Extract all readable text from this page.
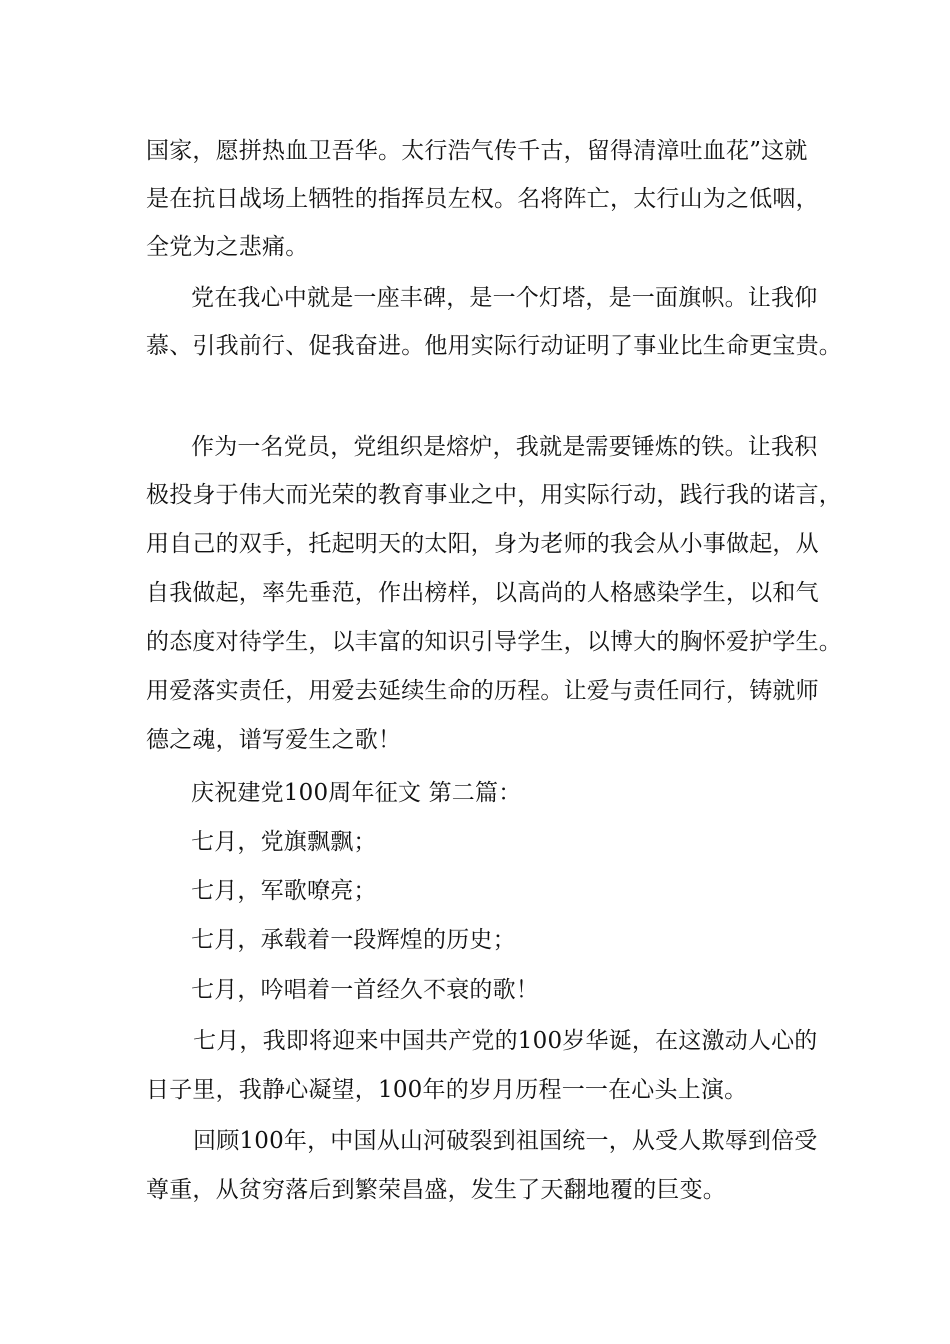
国家，愿拼热血卫吾华。太行浩气传千古，留得清漳吐血花”这就
是在抗日战场上牺牲的指挥员左权。名将阵亡，太行山为之低咽，
全党为之悲痛。
党在我心中就是一座丰碑，是一个灯塔，是一面旗帜。让我仰
慕、引我前行、促我奋进。他用实际行动证明了事业比生命更宝贵。
作为一名党员，党组织是熔炉，我就是需要锤炼的铁。让我积
极投身于伟大而光荣的教育事业之中，用实际行动，践行我的诺言，
用自己的双手，托起明天的太阳，身为老师的我会从小事做起，从
自我做起，率先垂范，作出榜样，以高尚的人格感染学生，以和气
的态度对待学生，以丰富的知识引导学生，以博大的胸怀爱护学生。
用爱落实责任，用爱去延续生命的历程。让爱与责任同行，铸就师
德之魂，谱写爱生之歌！
庆祝建党100周年征文 第二篇：
七月，党旗飘飘；
七月，军歌嘹亮；
七月，承载着一段辉煌的历史；
七月，吟唱着一首经久不衰的歌！
七月，我即将迎来中国共产党的100岁华诞，在这激动人心的
日子里，我静心凝望，100年的岁月历程一一在心头上演。
回顾100年，中国从山河破裂到祖国统一，从受人欺辱到倍受
尊重，从贫穷落后到繁荣昌盛，发生了天翻地覆的巨变。
